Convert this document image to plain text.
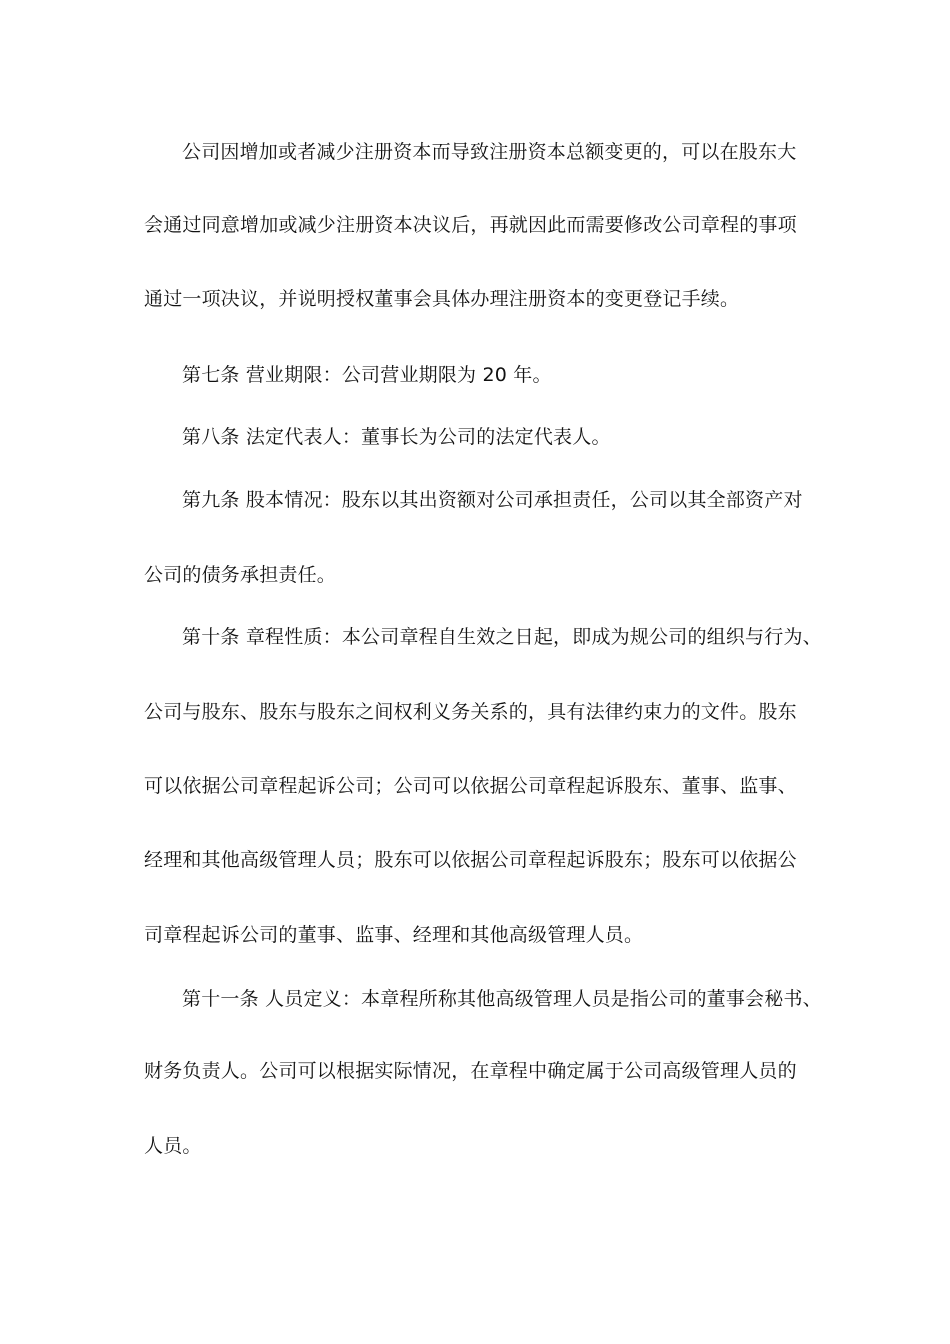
公司因增加或者减少注册资本而导致注册资本总额变更的，可以在股东大
会通过同意增加或减少注册资本决议后，再就因此而需要修改公司章程的事项
通过一项决议，并说明授权董事会具体办理注册资本的变更登记手续。
第七条 营业期限：公司营业期限为 20 年。
第八条 法定代表人：董事长为公司的法定代表人。
第九条 股本情况：股东以其出资额对公司承担责任，公司以其全部资产对
公司的债务承担责任。
第十条 章程性质：本公司章程自生效之日起，即成为规公司的组织与行为、
公司与股东、股东与股东之间权利义务关系的，具有法律约束力的文件。股东
可以依据公司章程起诉公司；公司可以依据公司章程起诉股东、董事、监事、
经理和其他高级管理人员；股东可以依据公司章程起诉股东；股东可以依据公
司章程起诉公司的董事、监事、经理和其他高级管理人员。
第十一条 人员定义：本章程所称其他高级管理人员是指公司的董事会秘书、
财务负责人。公司可以根据实际情况，在章程中确定属于公司高级管理人员的
人员。
